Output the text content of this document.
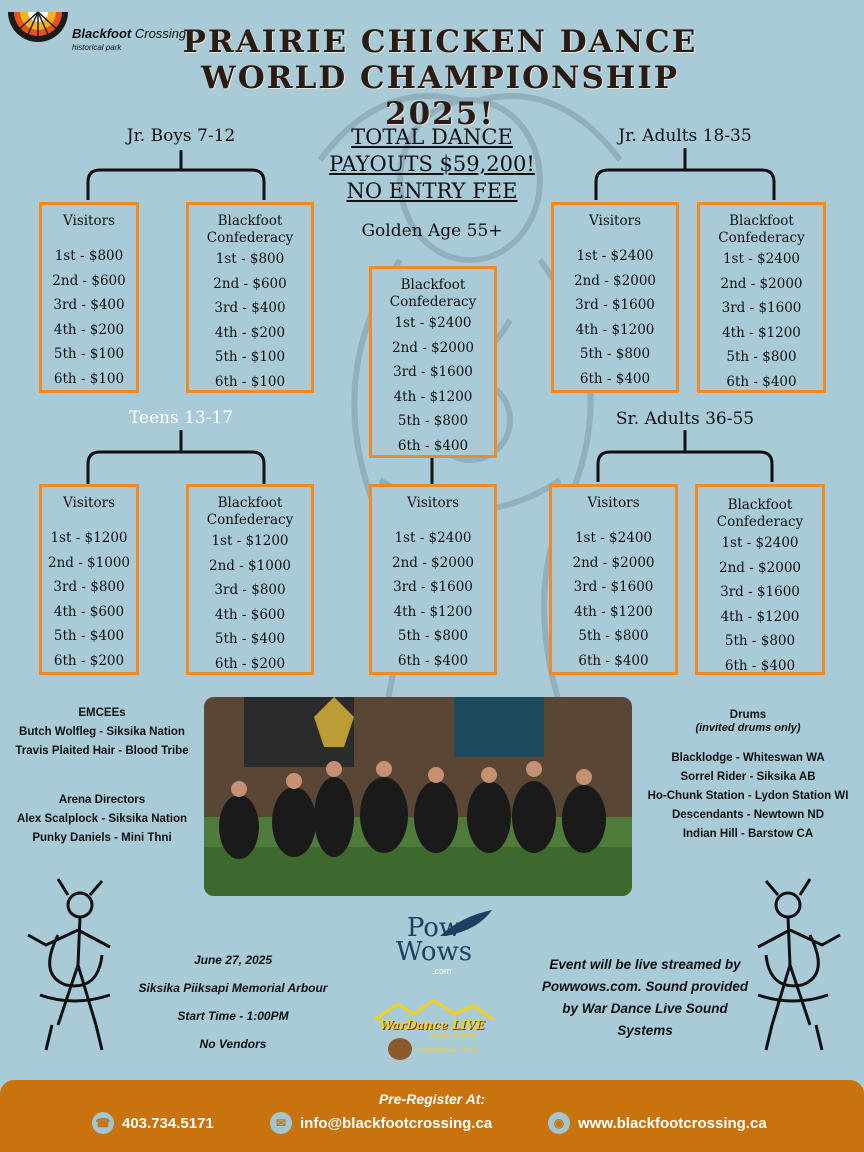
Blackfoot Crossing
historical park	PRAIRIE CHICKEN DANCE
WORLD CHAMPIONSHIP 2025!
TOTAL DANCE
PAYOUTS $59,200!
NO ENTRY FEE
Jr. Boys 7-12
Teens 13-17
Golden Age 55+
Jr. Adults 18-35
Sr. Adults 36-55
Visitors
1st - $800
2nd - $600
3rd - $400
4th - $200
5th - $100
6th - $100
Blackfoot
Confederacy
1st - $800
2nd - $600
3rd - $400
4th - $200
5th - $100
6th - $100
Visitors
1st - $1200
2nd - $1000
3rd - $800
4th - $600
5th - $400
6th - $200
Blackfoot
Confederacy
1st - $1200
2nd - $1000
3rd - $800
4th - $600
5th - $400
6th - $200
Blackfoot
Confederacy
1st - $2400
2nd - $2000
3rd - $1600
4th - $1200
5th - $800
6th - $400
Visitors
1st - $2400
2nd - $2000
3rd - $1600
4th - $1200
5th - $800
6th - $400
Visitors
1st - $2400
2nd - $2000
3rd - $1600
4th - $1200
5th - $800
6th - $400
Blackfoot
Confederacy
1st - $2400
2nd - $2000
3rd - $1600
4th - $1200
5th - $800
6th - $400
Visitors
1st - $2400
2nd - $2000
3rd - $1600
4th - $1200
5th - $800
6th - $400
Blackfoot
Confederacy
1st - $2400
2nd - $2000
3rd - $1600
4th - $1200
5th - $800
6th - $400
EMCEEs
Butch Wolfleg - Siksika Nation
Travis Plaited Hair - Blood Tribe
Arena Directors
Alex Scalplock - Siksika Nation
Punky Daniels - Mini Thni
Drums
(invited drums only)
Blacklodge - Whiteswan WA
Sorrel Rider - Siksika AB
Ho-Chunk Station - Lydon Station WI
Descendants - Newtown ND
Indian Hill - Barstow CA
June 27, 2025
Siksika Piiksapi Memorial Arbour
Start Time - 1:00PM
No Vendors
Pow
Wows
.com
WarDance LIVE
Sound Systems
Flagstaff, AZ, USA
Event will be live streamed by
Powwows.com. Sound provided
by War Dance Live Sound
Systems
Pre-Register At:
☎ 403.734.5171	✉ info@blackfootcrossing.ca	◉ www.blackfootcrossing.ca
